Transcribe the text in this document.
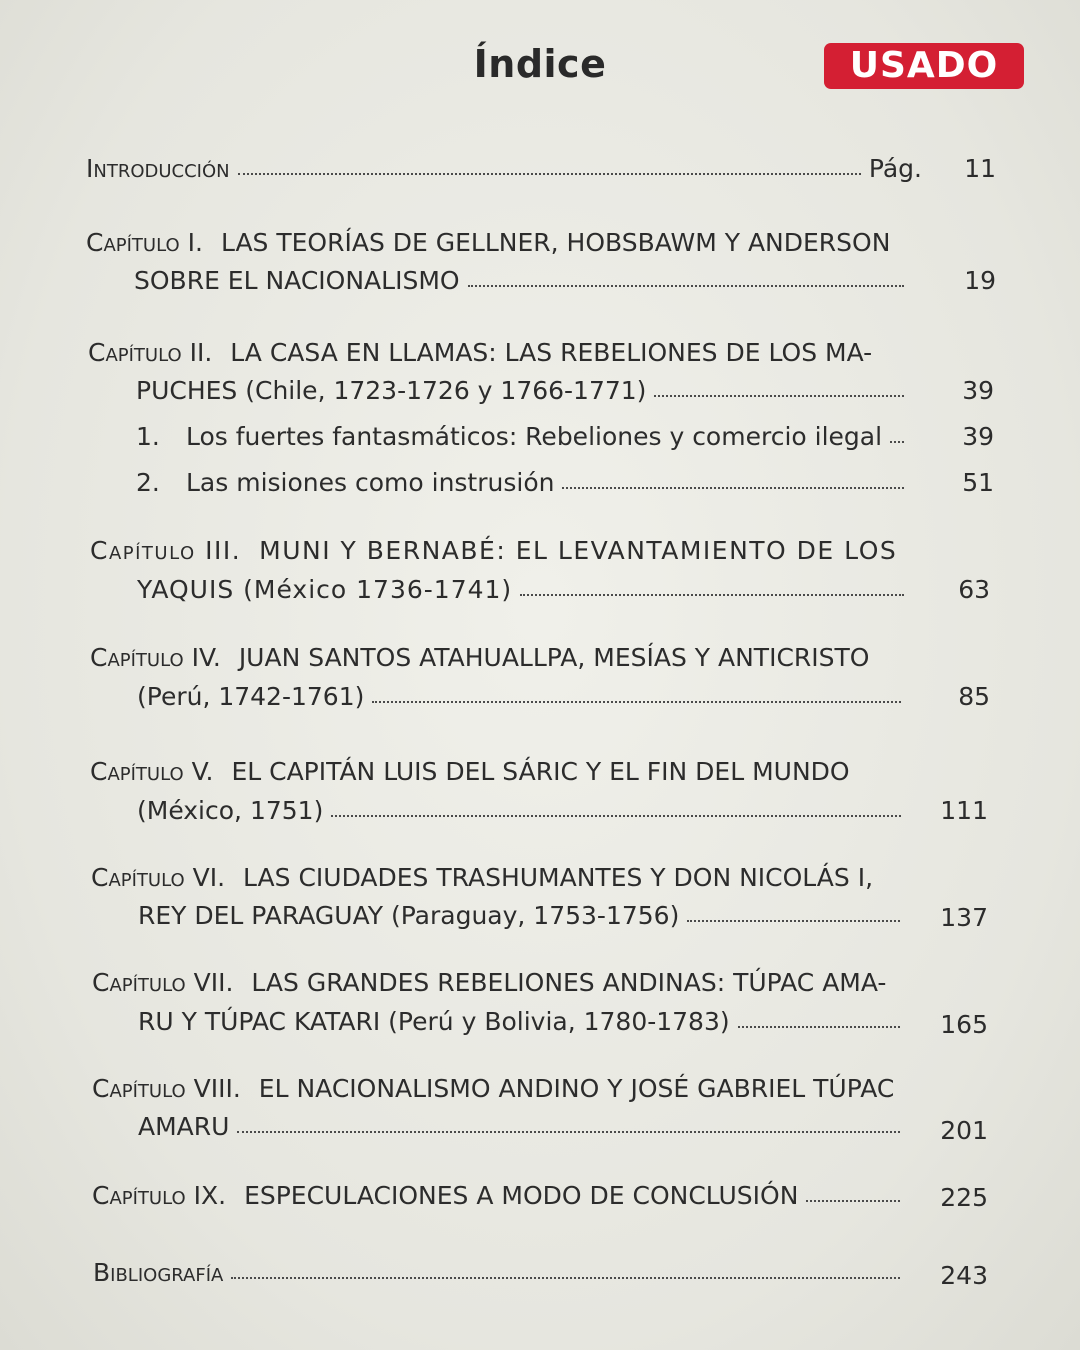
Índice	USADO
Introducción	Pág.	11
Capítulo I. LAS TEORÍAS DE GELLNER, HOBSBAWM Y ANDERSON
SOBRE EL NACIONALISMO	19
Capítulo II. LA CASA EN LLAMAS: LAS REBELIONES DE LOS MA-
PUCHES (Chile, 1723-1726 y 1766-1771)	39
1.	Los fuertes fantasmáticos: Rebeliones y comercio ilegal	39
2.	Las misiones como instrusión	51
Capítulo III. MUNI Y BERNABÉ: EL LEVANTAMIENTO DE LOS
YAQUIS (México 1736-1741)	63
Capítulo IV. JUAN SANTOS ATAHUALLPA, MESÍAS Y ANTICRISTO
(Perú, 1742-1761)	85
Capítulo V. EL CAPITÁN LUIS DEL SÁRIC Y EL FIN DEL MUNDO
(México, 1751)	111
Capítulo VI. LAS CIUDADES TRASHUMANTES Y DON NICOLÁS I,
REY DEL PARAGUAY (Paraguay, 1753-1756)	137
Capítulo VII. LAS GRANDES REBELIONES ANDINAS: TÚPAC AMA-
RU Y TÚPAC KATARI (Perú y Bolivia, 1780-1783)	165
Capítulo VIII. EL NACIONALISMO ANDINO Y JOSÉ GABRIEL TÚPAC
AMARU	201
Capítulo IX. ESPECULACIONES A MODO DE CONCLUSIÓN	225
Bibliografía	243
